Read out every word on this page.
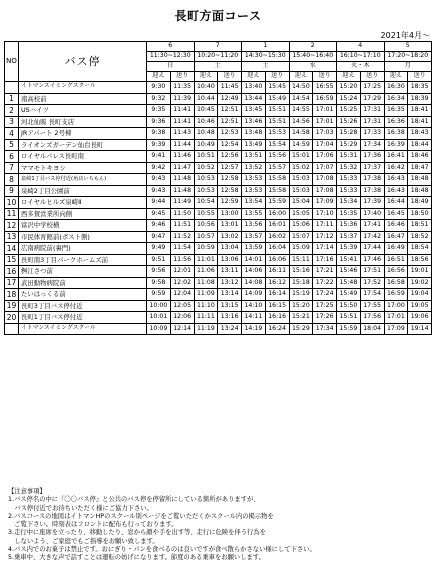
長町方面コース
2021年4月～
NO	バス停	6		7		1		2		4		5	
		11:30~12:30		10:20~11:20		14:30~15:30		15:40~16:40		16:10~17:10		17:20~18:20	
		日		土		土		水		火・木		月	
		迎え	送り	迎え	送り	迎え	送り	迎え	送り	迎え	送り	迎え	送り
	イトマンスイミングスクール	9:30	11:35	10:40	11:45	13:40	15:45	14:50	16:55	15:20	17:25	16:30	18:35
1	南高校前	9:32	11:39	10:44	12:49	13:44	15:49	14:54	16:59	15:24	17:29	16:34	18:39
2	USハイツ	9:35	11:41	10:45	12:51	13:45	15:51	14:55	17:01	15:25	17:31	16:35	18:41
3	河北仙販 長町支店	9:36	11:41	10:46	12:51	13:46	15:51	14:56	17:01	15:26	17:31	16:36	18:41
4	JRアパート 2号棟	9:38	11:43	10:48	12:53	13:48	15:53	14:58	17:03	15:28	17:33	16:38	18:43
5	ライオンズガーデン仙台長町	9:39	11:44	10:49	12:54	13:49	15:54	14:59	17:04	15:29	17:34	16:39	18:44
6	ロイヤルパレス長町南	9:41	11:46	10:51	12:56	13:51	15:56	15:01	17:06	15:31	17:36	16:41	18:46
7	ママモトキヨシ	9:42	11:47	10:52	12:57	13:52	15:57	15:02	17:07	15:32	17:37	16:42	18:47
8	泉崎1丁目バス停付近(角店いちもん)	9:43	11:48	10:53	12:58	13:53	15:58	15:03	17:08	15:33	17:38	16:43	18:48
9	泉崎2丁目公園前	9:43	11:48	10:53	12:58	13:53	15:58	15:03	17:08	15:33	17:38	16:43	18:48
10	ロイヤルヒルズ泉崎Ⅱ	9:44	11:49	10:54	12:59	13:54	15:59	15:04	17:09	15:34	17:39	16:44	18:49
11	西多賀営業所向側	9:45	11:50	10:55	13:00	13:55	16:00	15:05	17:10	15:35	17:40	16:45	18:50
12	富沢中学校横	9:46	11:51	10:56	13:01	13:56	16:01	15:06	17:11	15:36	17:41	16:46	18:51
13	市民体育館前(ポスト側)	9:47	11:52	10:57	13:02	13:57	16:02	15:07	17:12	15:37	17:42	16:47	18:52
14	広南病院前(裏門)	9:49	11:54	10:59	13:04	13:59	16:04	15:09	17:14	15:39	17:44	16:49	18:54
15	長町南3丁目パークホームズ前	9:51	11:56	11:01	13:06	14:01	16:06	15:11	17:16	15:41	17:46	16:51	18:56
16	桝江さつ前	9:56	12:01	11:06	13:11	14:06	16:11	15:16	17:21	15:46	17:51	16:56	19:01
17	武田動物病院前	9:58	12:02	11:08	13:12	14:08	16:12	15:18	17:22	15:48	17:52	16:58	19:02
18	たいはっくる前	9:59	12:04	11:09	13:14	14:09	16:14	15:19	17:24	15:49	17:54	16:59	19:04
19	長町3丁目バス停付近	10:00	12:05	11:10	13:15	14:10	16:15	15:20	17:25	15:50	17:55	17:00	19:05
20	長町1丁目バス停付近	10:01	12:06	11:11	13:16	14:11	16:16	15:21	17:26	15:51	17:56	17:01	19:06
	イトマンスイミングスクール	10:09	12:14	11:19	13:24	14:19	16:24	15:29	17:34	15:59	18:04	17:09	19:14
【注意事項】
1.バス停名の中に『〇〇バス停』と公共のバス停を停留所にしている箇所がありますが、
　バス停付近でお待ちいただく様にご協力下さい。
2.バスコースの地図はイトマンHPのスクール別ページをご覧いただくかスクール内の掲示物を
　ご覧下さい。時刻表はフロントに配布も行っております。
3.走行中に座席を立ったり、移動したり、窓から顔や手を出す等、走行に危険を伴う行為を
　しないよう、ご家庭でもご指導をお願い致します。
4.バス内でのお菓子は禁止です。おにぎり・パンを食べるのは良いですが食べ散らかさない様にして下さい。
5.乗車中、大きな声で話すことは運転の妨げになります。節度のある乗車をお願いします。
